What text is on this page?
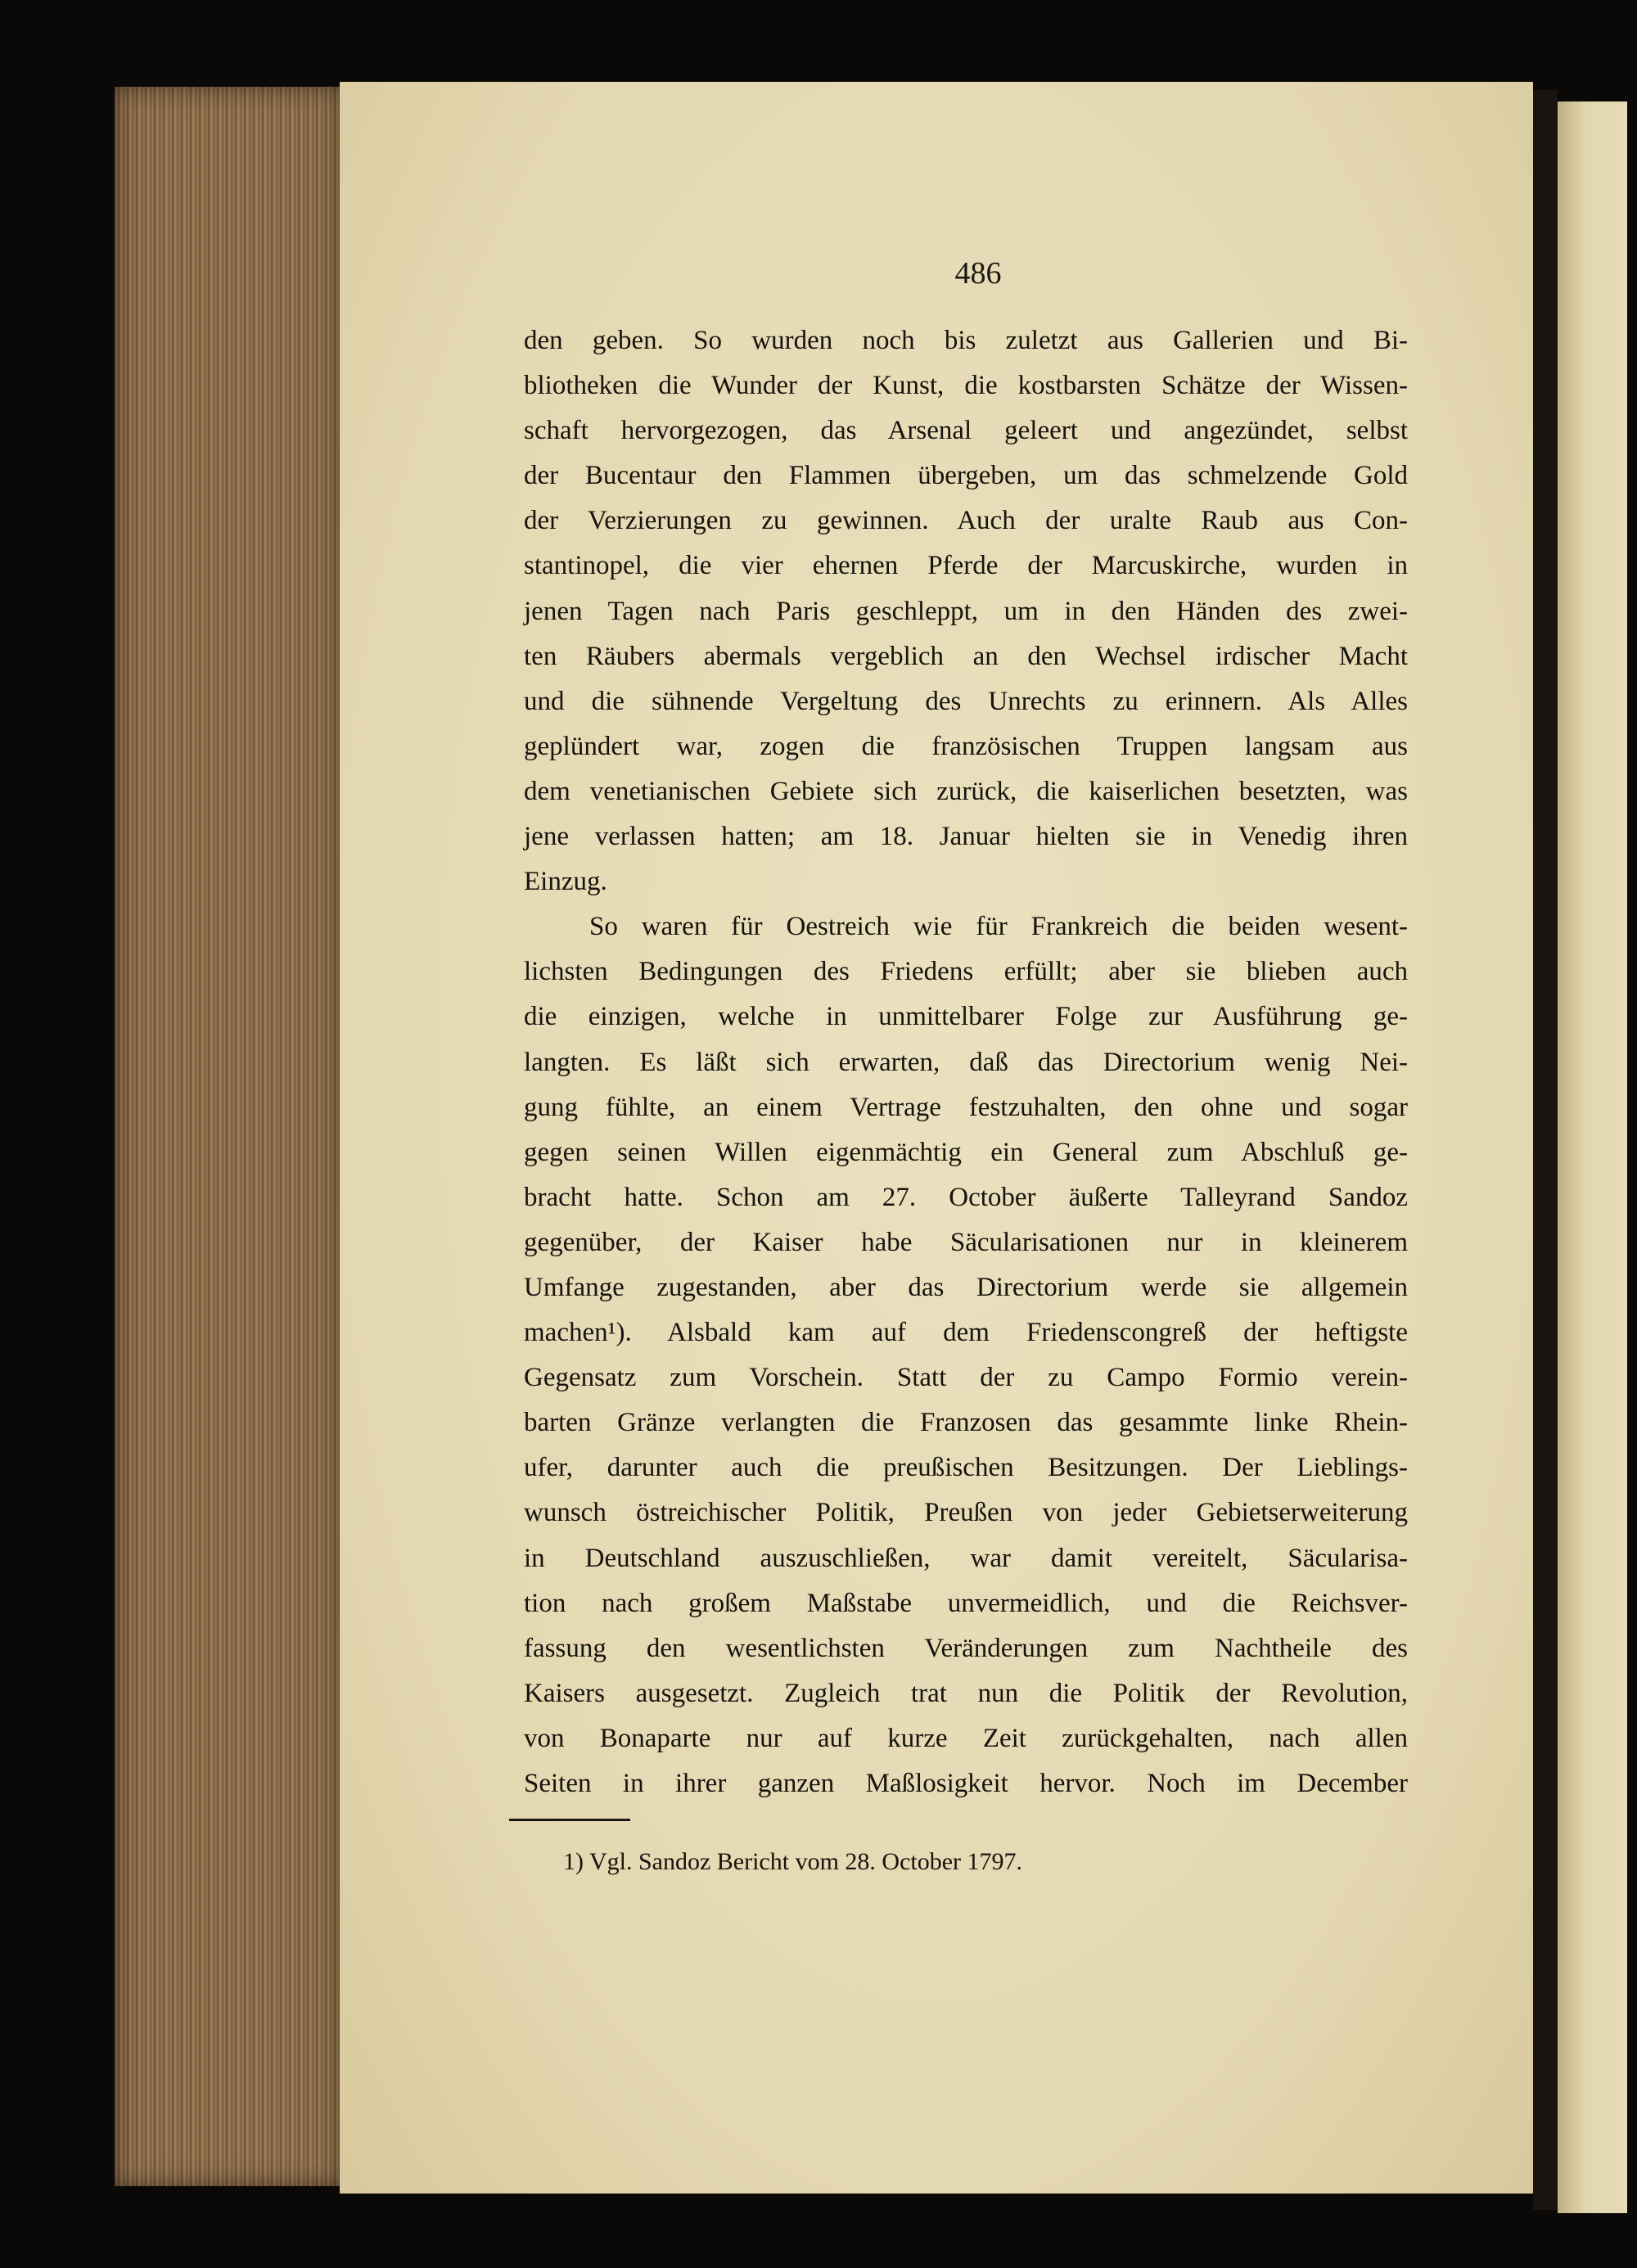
486
den geben. So wurden noch bis zuletzt aus Gallerien und Bi-
bliotheken die Wunder der Kunst, die kostbarsten Schätze der Wissen-
schaft hervorgezogen, das Arsenal geleert und angezündet, selbst
der Bucentaur den Flammen übergeben, um das schmelzende Gold
der Verzierungen zu gewinnen. Auch der uralte Raub aus Con-
stantinopel, die vier ehernen Pferde der Marcuskirche, wurden in
jenen Tagen nach Paris geschleppt, um in den Händen des zwei-
ten Räubers abermals vergeblich an den Wechsel irdischer Macht
und die sühnende Vergeltung des Unrechts zu erinnern. Als Alles
geplündert war, zogen die französischen Truppen langsam aus
dem venetianischen Gebiete sich zurück, die kaiserlichen besetzten, was
jene verlassen hatten; am 18. Januar hielten sie in Venedig ihren
Einzug.
So waren für Oestreich wie für Frankreich die beiden wesent-
lichsten Bedingungen des Friedens erfüllt; aber sie blieben auch
die einzigen, welche in unmittelbarer Folge zur Ausführung ge-
langten. Es läßt sich erwarten, daß das Directorium wenig Nei-
gung fühlte, an einem Vertrage festzuhalten, den ohne und sogar
gegen seinen Willen eigenmächtig ein General zum Abschluß ge-
bracht hatte. Schon am 27. October äußerte Talleyrand Sandoz
gegenüber, der Kaiser habe Säcularisationen nur in kleinerem
Umfange zugestanden, aber das Directorium werde sie allgemein
machen¹). Alsbald kam auf dem Friedenscongreß der heftigste
Gegensatz zum Vorschein. Statt der zu Campo Formio verein-
barten Gränze verlangten die Franzosen das gesammte linke Rhein-
ufer, darunter auch die preußischen Besitzungen. Der Lieblings-
wunsch östreichischer Politik, Preußen von jeder Gebietserweiterung
in Deutschland auszuschließen, war damit vereitelt, Säcularisa-
tion nach großem Maßstabe unvermeidlich, und die Reichsver-
fassung den wesentlichsten Veränderungen zum Nachtheile des
Kaisers ausgesetzt. Zugleich trat nun die Politik der Revolution,
von Bonaparte nur auf kurze Zeit zurückgehalten, nach allen
Seiten in ihrer ganzen Maßlosigkeit hervor. Noch im December
1) Vgl. Sandoz Bericht vom 28. October 1797.
